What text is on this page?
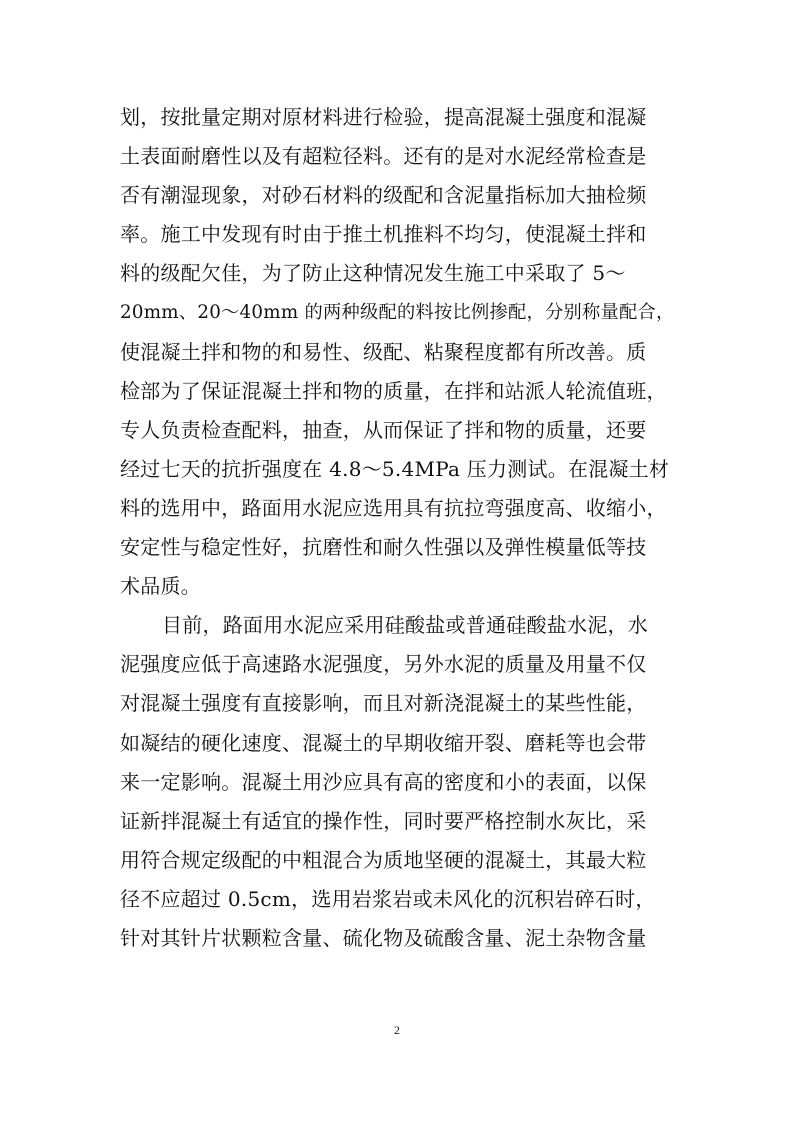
划，按批量定期对原材料进行检验，提高混凝土强度和混凝
土表面耐磨性以及有超粒径料。还有的是对水泥经常检查是
否有潮湿现象，对砂石材料的级配和含泥量指标加大抽检频
率。施工中发现有时由于推土机推料不均匀，使混凝土拌和
料的级配欠佳，为了防止这种情况发生施工中采取了 5～
20mm、20～40mm 的两种级配的料按比例掺配，分别称量配合，
使混凝土拌和物的和易性、级配、粘聚程度都有所改善。质
检部为了保证混凝土拌和物的质量，在拌和站派人轮流值班，
专人负责检查配料，抽查，从而保证了拌和物的质量，还要
经过七天的抗折强度在 4.8～5.4MPa 压力测试。在混凝土材
料的选用中，路面用水泥应选用具有抗拉弯强度高、收缩小，
安定性与稳定性好，抗磨性和耐久性强以及弹性模量低等技
术品质。
目前，路面用水泥应采用硅酸盐或普通硅酸盐水泥，水
泥强度应低于高速路水泥强度，另外水泥的质量及用量不仅
对混凝土强度有直接影响，而且对新浇混凝土的某些性能，
如凝结的硬化速度、混凝土的早期收缩开裂、磨耗等也会带
来一定影响。混凝土用沙应具有高的密度和小的表面，以保
证新拌混凝土有适宜的操作性，同时要严格控制水灰比，采
用符合规定级配的中粗混合为质地坚硬的混凝土，其最大粒
径不应超过 0.5cm，选用岩浆岩或未风化的沉积岩碎石时，
针对其针片状颗粒含量、硫化物及硫酸含量、泥土杂物含量
2
